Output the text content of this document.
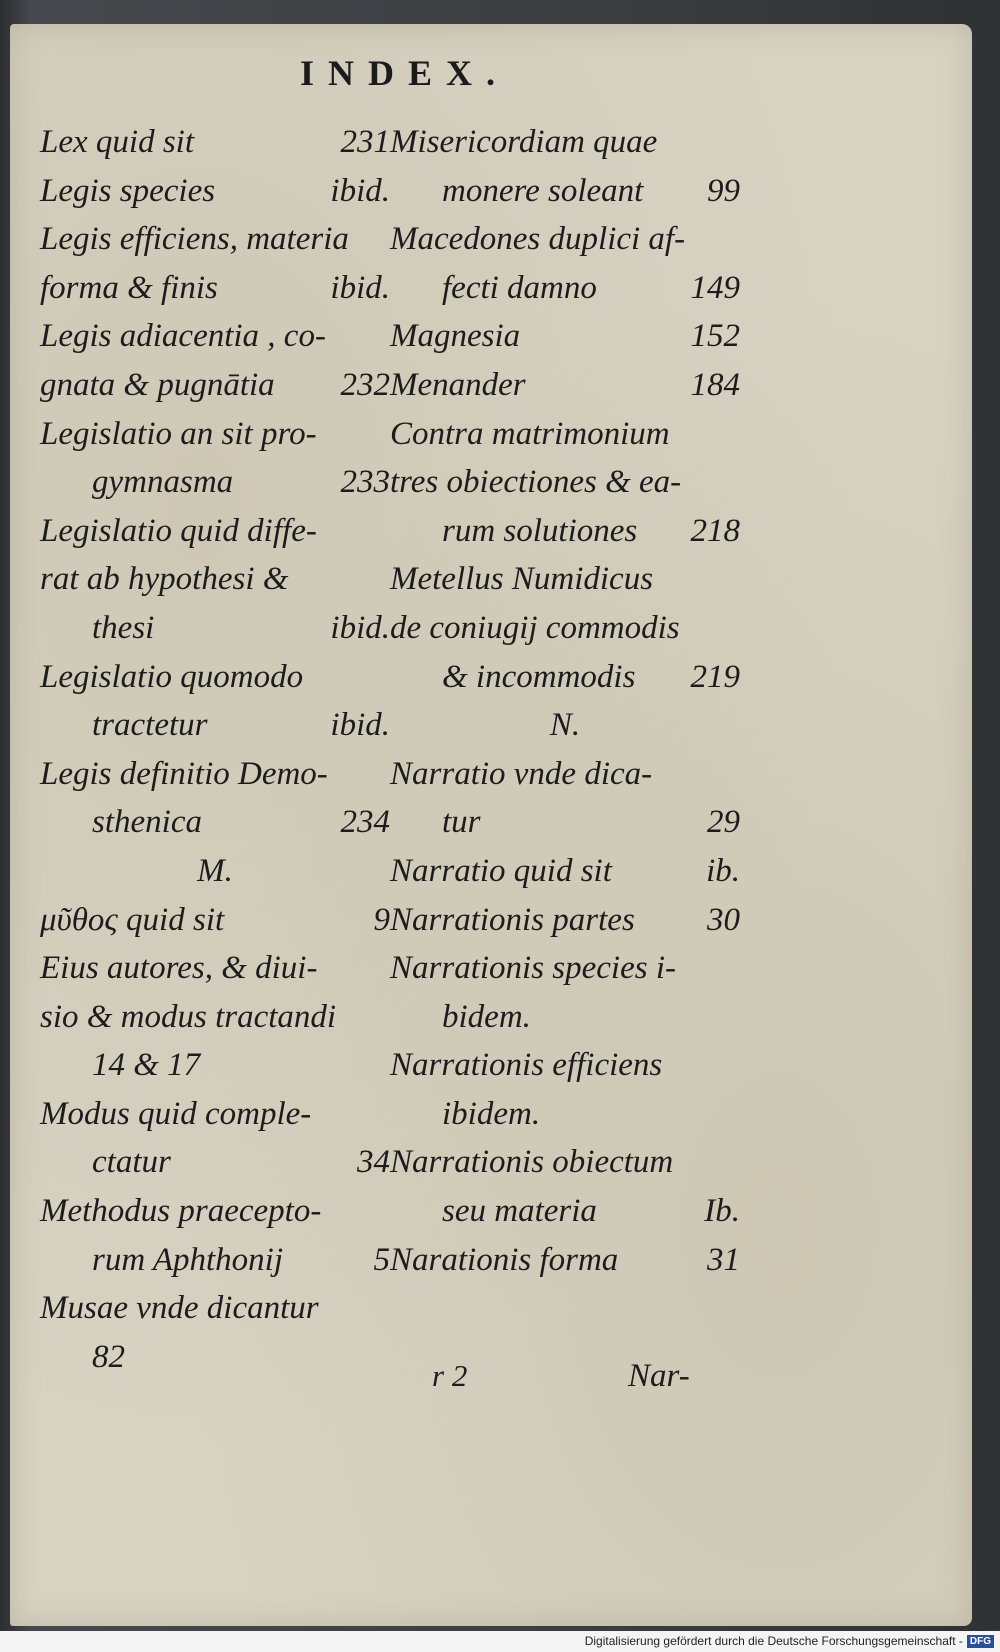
INDEX.
Lex quid sit	231
Legis species	ibid.
Legis efficiens, materia
forma & finis	ibid.
Legis adiacentia , co-
gnata & pugnātia 232
Legislatio an sit pro-
gymnasma	233
Legislatio quid diffe-
rat ab hypothesi &
thesi	ibid.
Legislatio quomodo
tractetur	ibid.
Legis definitio Demo-
sthenica	234
M.
μῦθος quid sit	9
Eius autores, & diui-
sio & modus tractandi
14 & 17
Modus quid comple-
ctatur	34
Methodus praecepto-
rum Aphthonij	5
Musae vnde dicantur
82
Misericordiam quae
monere soleant 99
Macedones duplici af-
fecti damno	149
Magnesia	152
Menander	184
Contra matrimonium
tres obiectiones & ea-
rum solutiones 218
Metellus Numidicus
de coniugij commodis
& incommodis 219
N.
Narratio vnde dica-
tur	29
Narratio quid sit	ib.
Narrationis partes 30
Narrationis species i-
bidem.
Narrationis efficiens
ibidem.
Narrationis obiectum
seu materia	Ib.
Narationis forma	31
r 2	Nar-
Digitalisierung gefördert durch die Deutsche Forschungsgemeinschaft - DFG
